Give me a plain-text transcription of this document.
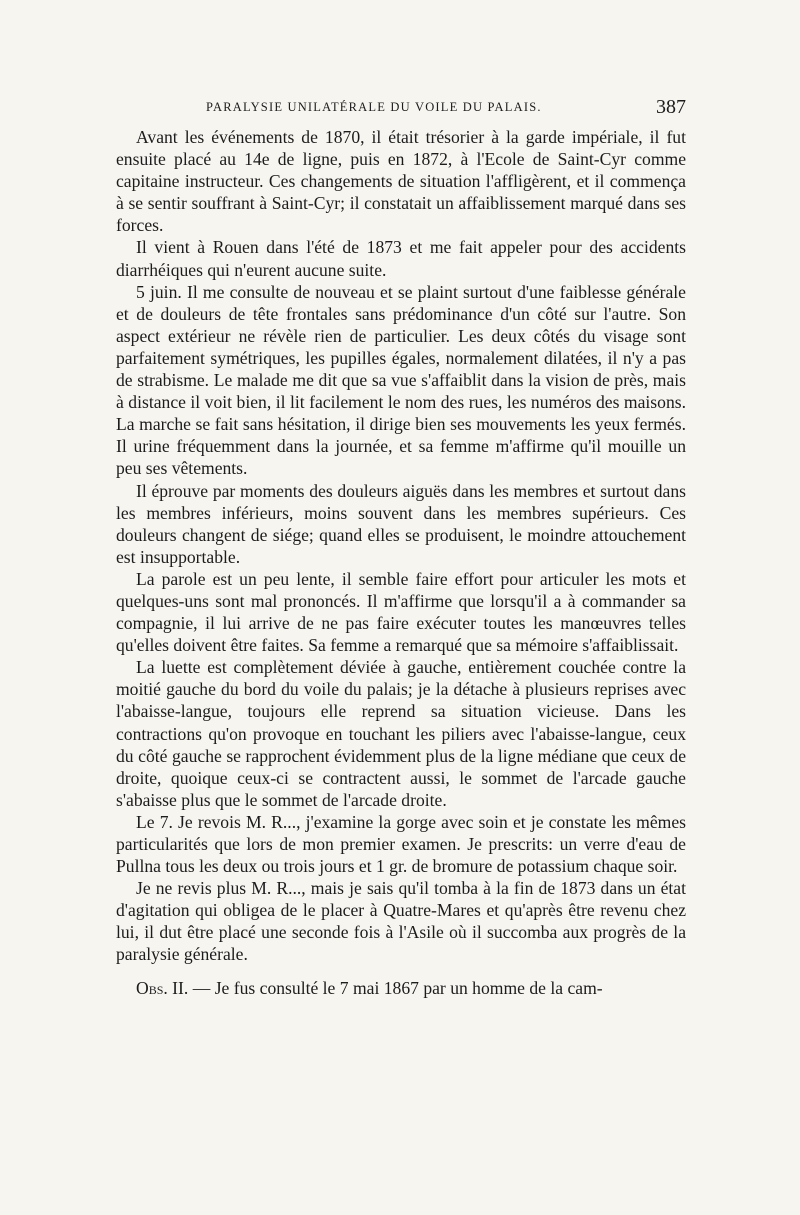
PARALYSIE UNILATÉRALE DU VOILE DU PALAIS.	387

Avant les événements de 1870, il était trésorier à la garde impériale, il fut ensuite placé au 14e de ligne, puis en 1872, à l'Ecole de Saint-Cyr comme capitaine instructeur. Ces changements de situation l'affligèrent, et il commença à se sentir souffrant à Saint-Cyr; il constatait un affaiblissement marqué dans ses forces.

Il vient à Rouen dans l'été de 1873 et me fait appeler pour des accidents diarrhéiques qui n'eurent aucune suite.

5 juin. Il me consulte de nouveau et se plaint surtout d'une faiblesse générale et de douleurs de tête frontales sans prédominance d'un côté sur l'autre. Son aspect extérieur ne révèle rien de particulier. Les deux côtés du visage sont parfaitement symétriques, les pupilles égales, normalement dilatées, il n'y a pas de strabisme. Le malade me dit que sa vue s'affaiblit dans la vision de près, mais à distance il voit bien, il lit facilement le nom des rues, les numéros des maisons. La marche se fait sans hésitation, il dirige bien ses mouvements les yeux fermés. Il urine fréquemment dans la journée, et sa femme m'affirme qu'il mouille un peu ses vêtements.

Il éprouve par moments des douleurs aiguës dans les membres et surtout dans les membres inférieurs, moins souvent dans les membres supérieurs. Ces douleurs changent de siége; quand elles se produisent, le moindre attouchement est insupportable.

La parole est un peu lente, il semble faire effort pour articuler les mots et quelques-uns sont mal prononcés. Il m'affirme que lorsqu'il a à commander sa compagnie, il lui arrive de ne pas faire exécuter toutes les manœuvres telles qu'elles doivent être faites. Sa femme a remarqué que sa mémoire s'affaiblissait.

La luette est complètement déviée à gauche, entièrement couchée contre la moitié gauche du bord du voile du palais; je la détache à plusieurs reprises avec l'abaisse-langue, toujours elle reprend sa situation vicieuse. Dans les contractions qu'on provoque en touchant les piliers avec l'abaisse-langue, ceux du côté gauche se rapprochent évidemment plus de la ligne médiane que ceux de droite, quoique ceux-ci se contractent aussi, le sommet de l'arcade gauche s'abaisse plus que le sommet de l'arcade droite.

Le 7. Je revois M. R..., j'examine la gorge avec soin et je constate les mêmes particularités que lors de mon premier examen. Je prescrits: un verre d'eau de Pullna tous les deux ou trois jours et 1 gr. de bromure de potassium chaque soir.

Je ne revis plus M. R..., mais je sais qu'il tomba à la fin de 1873 dans un état d'agitation qui obligea de le placer à Quatre-Mares et qu'après être revenu chez lui, il dut être placé une seconde fois à l'Asile où il succomba aux progrès de la paralysie générale.

Obs. II. — Je fus consulté le 7 mai 1867 par un homme de la cam-
